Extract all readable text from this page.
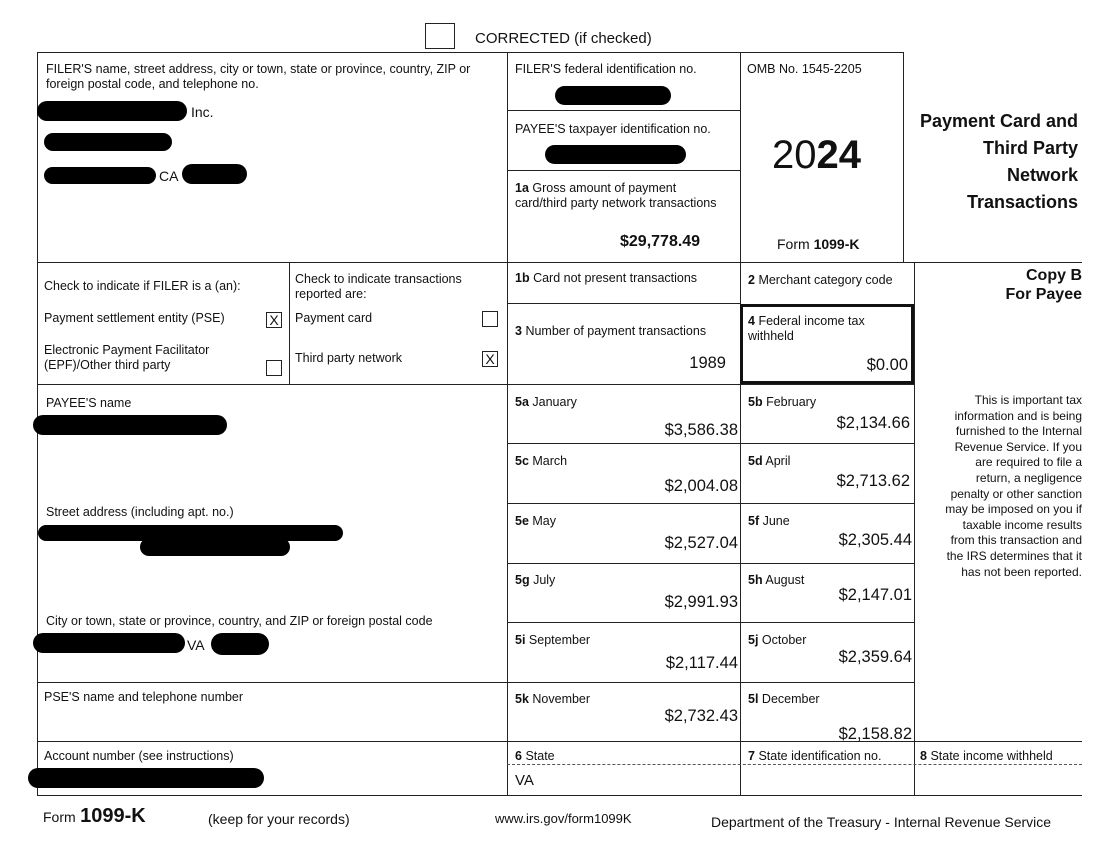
CORRECTED (if checked)
FILER'S name, street address, city or town, state or province, country, ZIP or foreign postal code, and telephone no.
Inc.
CA
FILER'S federal identification no.
PAYEE'S taxpayer identification no.
1a Gross amount of payment card/third party network transactions
$29,778.49
OMB No. 1545-2205
2024
Form 1099-K
Payment Card and
Third Party
Network
Transactions
Check to indicate if FILER is a (an):
Payment settlement entity (PSE)	X
Electronic Payment Facilitator (EPF)/Other third party
Check to indicate transactions reported are:
Payment card
Third party network	X
1b Card not present transactions	2 Merchant category code
3 Number of payment transactions
1989
4 Federal income tax withheld
$0.00
Copy B
For Payee
PAYEE'S name
Street address (including apt. no.)
City or town, state or province, country, and ZIP or foreign postal code
VA
PSE'S name and telephone number
Account number (see instructions)
5a January
$3,586.38
5b February
$2,134.66
5c March
$2,004.08
5d April
$2,713.62
5e May
$2,527.04
5f June
$2,305.44
5g July
$2,991.93
5h August
$2,147.01
5i September
$2,117.44
5j October
$2,359.64
5k November
$2,732.43
5l December
$2,158.82
This is important tax information and is being furnished to the Internal Revenue Service. If you are required to file a return, a negligence penalty or other sanction may be imposed on you if taxable income results from this transaction and the IRS determines that it has not been reported.
6 State
VA
7 State identification no.	8 State income withheld
Form 1099-K	(keep for your records)	www.irs.gov/form1099K	Department of the Treasury - Internal Revenue Service
